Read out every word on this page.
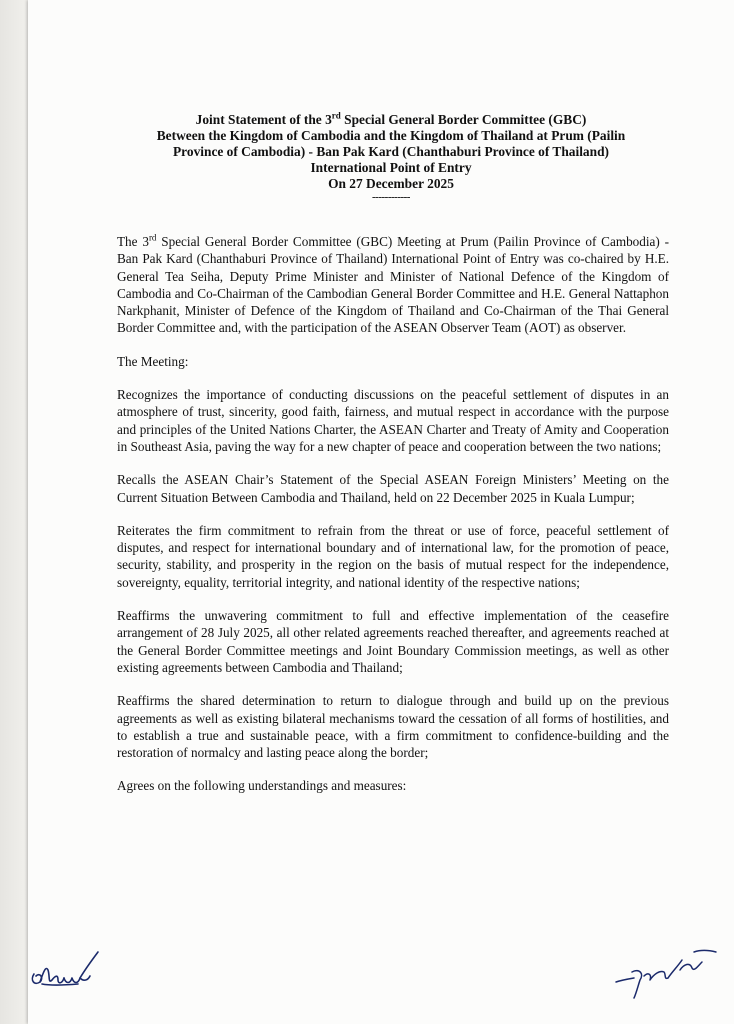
Joint Statement of the 3rd Special General Border Committee (GBC)
Between the Kingdom of Cambodia and the Kingdom of Thailand at Prum (Pailin
Province of Cambodia) - Ban Pak Kard (Chanthaburi Province of Thailand)
International Point of Entry
On 27 December 2025
------------

The 3rd Special General Border Committee (GBC) Meeting at Prum (Pailin Province of Cambodia) - Ban Pak Kard (Chanthaburi Province of Thailand) International Point of Entry was co-chaired by H.E. General Tea Seiha, Deputy Prime Minister and Minister of National Defence of the Kingdom of Cambodia and Co-Chairman of the Cambodian General Border Committee and H.E. General Nattaphon Narkphanit, Minister of Defence of the Kingdom of Thailand and Co-Chairman of the Thai General Border Committee and, with the participation of the ASEAN Observer Team (AOT) as observer.

The Meeting:

Recognizes the importance of conducting discussions on the peaceful settlement of disputes in an atmosphere of trust, sincerity, good faith, fairness, and mutual respect in accordance with the purpose and principles of the United Nations Charter, the ASEAN Charter and Treaty of Amity and Cooperation in Southeast Asia, paving the way for a new chapter of peace and cooperation between the two nations;

Recalls the ASEAN Chair’s Statement of the Special ASEAN Foreign Ministers’ Meeting on the Current Situation Between Cambodia and Thailand, held on 22 December 2025 in Kuala Lumpur;

Reiterates the firm commitment to refrain from the threat or use of force, peaceful settlement of disputes, and respect for international boundary and of international law, for the promotion of peace, security, stability, and prosperity in the region on the basis of mutual respect for the independence, sovereignty, equality, territorial integrity, and national identity of the respective nations;

Reaffirms the unwavering commitment to full and effective implementation of the ceasefire arrangement of 28 July 2025, all other related agreements reached thereafter, and agreements reached at the General Border Committee meetings and Joint Boundary Commission meetings, as well as other existing agreements between Cambodia and Thailand;

Reaffirms the shared determination to return to dialogue through and build up on the previous agreements as well as existing bilateral mechanisms toward the cessation of all forms of hostilities, and to establish a true and sustainable peace, with a firm commitment to confidence-building and the restoration of normalcy and lasting peace along the border;

Agrees on the following understandings and measures:
